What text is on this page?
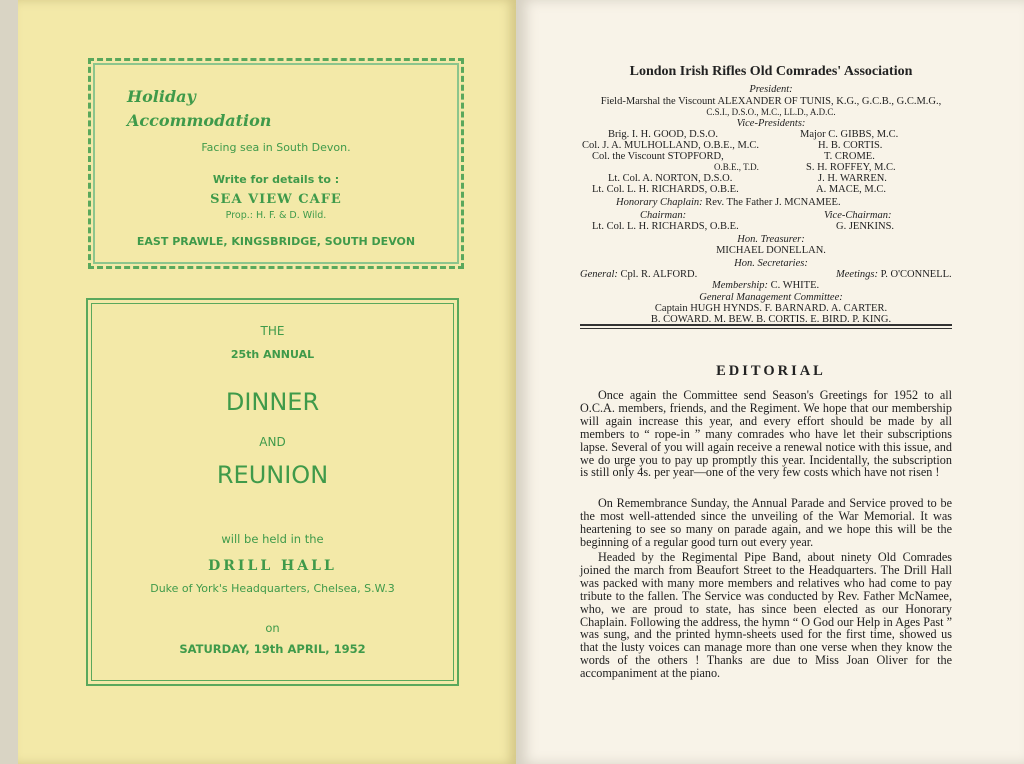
Holiday
Accommodation
Facing sea in South Devon.
Write for details to :
SEA VIEW CAFE
Prop.: H. F. & D. Wild.
EAST PRAWLE, KINGSBRIDGE, SOUTH DEVON
THE
25th ANNUAL
DINNER
AND
REUNION
will be held in the
DRILL HALL
Duke of York's Headquarters, Chelsea, S.W.3
on
SATURDAY, 19th APRIL, 1952
London Irish Rifles Old Comrades' Association
President:
Field-Marshal the Viscount ALEXANDER OF TUNIS, K.G., G.C.B., G.C.M.G.,
C.S.I., D.S.O., M.C., LL.D., A.D.C.
Vice-Presidents:
Brig. I. H. GOOD, D.S.O.
Col. J. A. MULHOLLAND, O.B.E., M.C.
Col. the Viscount STOPFORD,
O.B.E., T.D.
Lt. Col. A. NORTON, D.S.O.
Lt. Col. L. H. RICHARDS, O.B.E.
Major C. GIBBS, M.C.
H. B. CORTIS.
T. CROME.
S. H. ROFFEY, M.C.
J. H. WARREN.
A. MACE, M.C.
Honorary Chaplain: Rev. The Father J. MCNAMEE.
Chairman:
Lt. Col. L. H. RICHARDS, O.B.E.
Vice-Chairman:
G. JENKINS.
Hon. Treasurer:
MICHAEL DONELLAN.
Hon. Secretaries:
General: Cpl. R. ALFORD.	Meetings: P. O'CONNELL.
Membership: C. WHITE.
General Management Committee:
Captain HUGH HYNDS. F. BARNARD. A. CARTER.
B. COWARD. M. BEW. B. CORTIS. E. BIRD. P. KING.
EDITORIAL
Once again the Committee send Season's Greetings for 1952 to all O.C.A. members, friends, and the Regiment. We hope that our membership will again increase this year, and every effort should be made by all members to “ rope-in ” many comrades who have let their subscriptions lapse. Several of you will again receive a renewal notice with this issue, and we do urge you to pay up promptly this year. Incidentally, the subscription is still only 4s. per year—one of the very few costs which have not risen !
On Remembrance Sunday, the Annual Parade and Service proved to be the most well-attended since the unveiling of the War Memorial. It was heartening to see so many on parade again, and we hope this will be the beginning of a regular good turn out every year.
Headed by the Regimental Pipe Band, about ninety Old Comrades joined the march from Beaufort Street to the Headquarters. The Drill Hall was packed with many more members and relatives who had come to pay tribute to the fallen. The Service was conducted by Rev. Father McNamee, who, we are proud to state, has since been elected as our Honorary Chaplain. Following the address, the hymn “ O God our Help in Ages Past ” was sung, and the printed hymn-sheets used for the first time, showed us that the lusty voices can manage more than one verse when they know the words of the others ! Thanks are due to Miss Joan Oliver for the accompaniment at the piano.
